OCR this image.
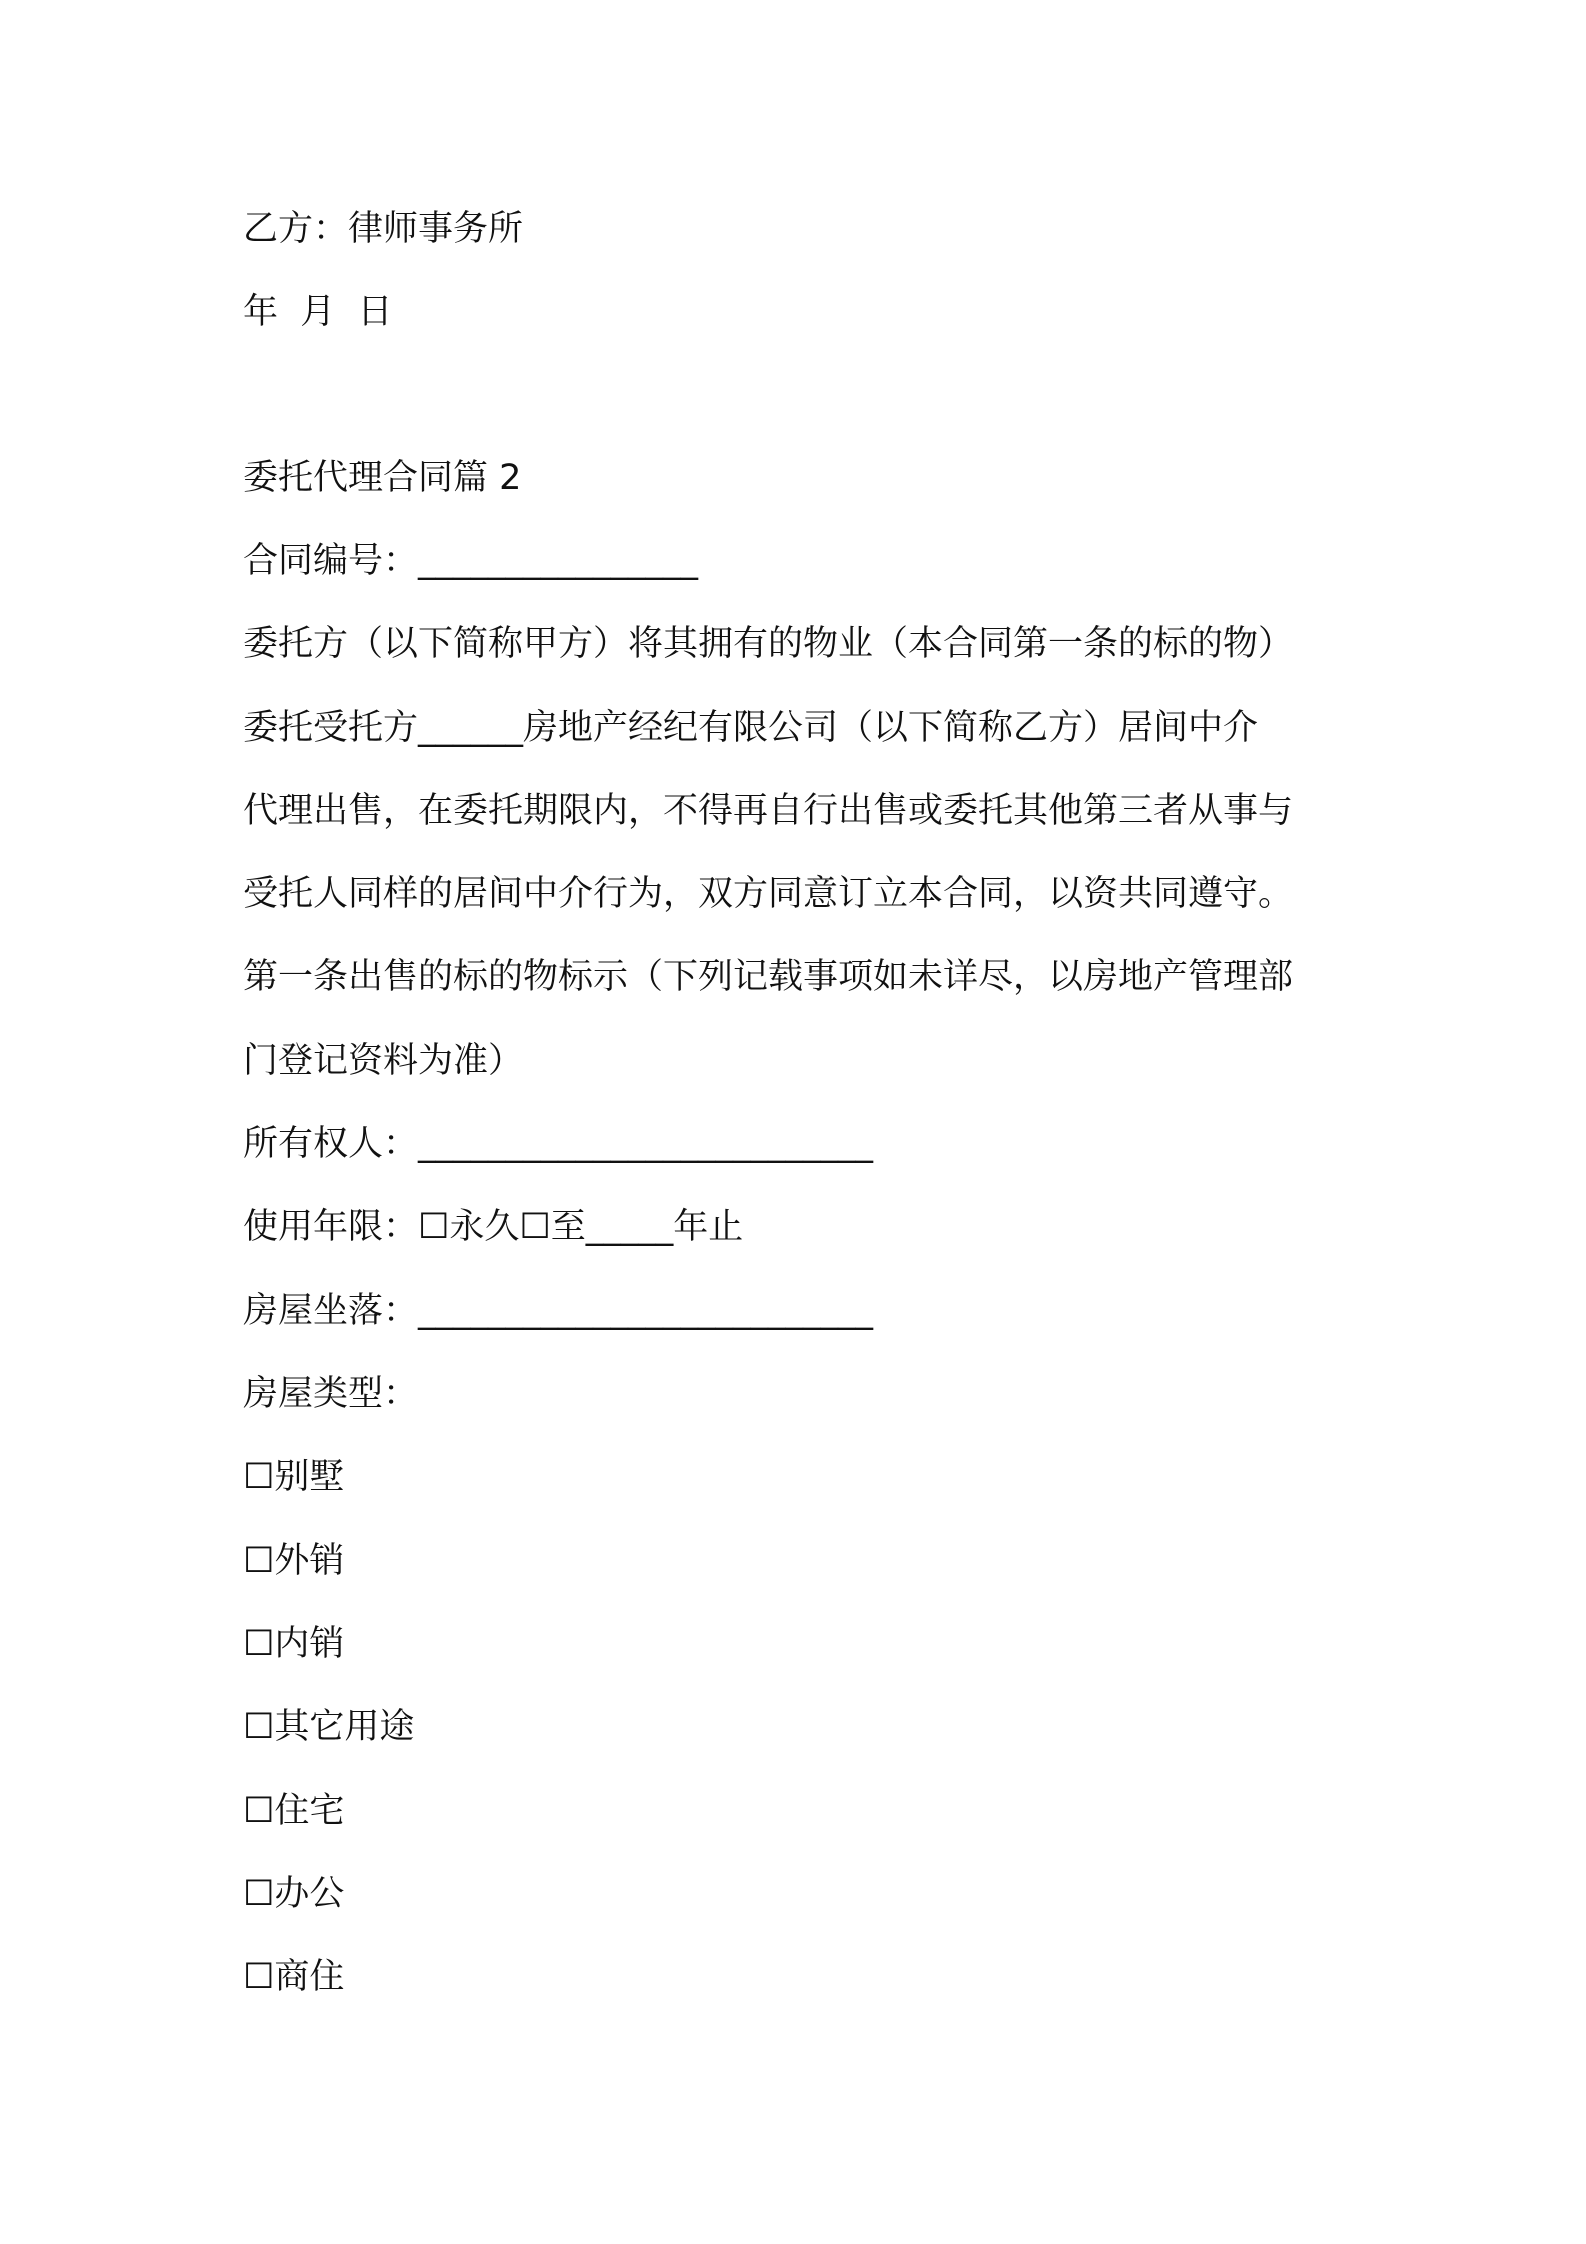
乙方：律师事务所
年  月  日
委托代理合同篇 2
合同编号：________________
委托方（以下简称甲方）将其拥有的物业（本合同第一条的标的物）
委托受托方______房地产经纪有限公司（以下简称乙方）居间中介
代理出售，在委托期限内，不得再自行出售或委托其他第三者从事与
受托人同样的居间中介行为，双方同意订立本合同，以资共同遵守。
第一条出售的标的物标示（下列记载事项如未详尽，以房地产管理部
门登记资料为准）
所有权人：__________________________
使用年限：☐永久☐至_____年止
房屋坐落：__________________________
房屋类型：
☐别墅
☐外销
☐内销
☐其它用途
☐住宅
☐办公
☐商住
